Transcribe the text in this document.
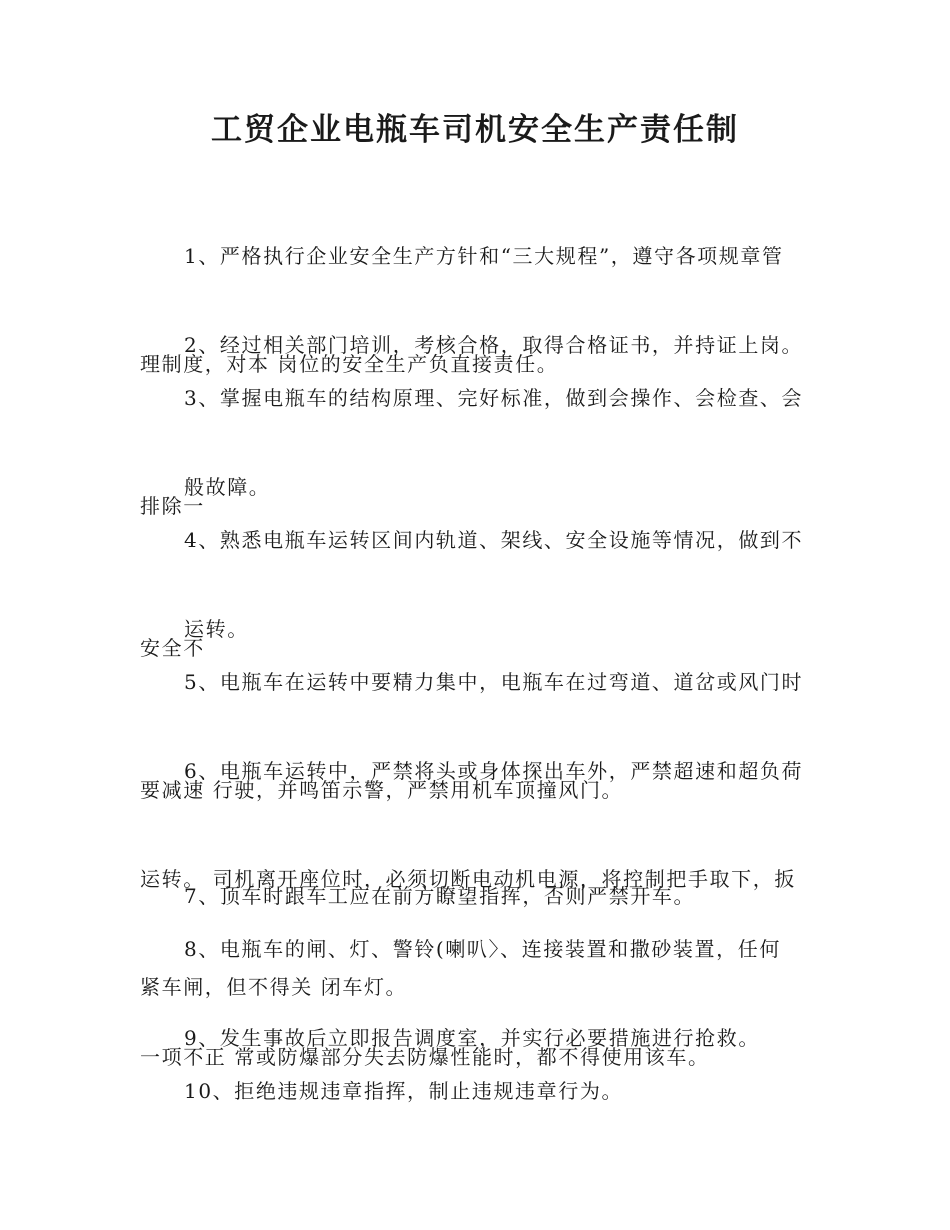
工贸企业电瓶车司机安全生产责任制

1、严格执行企业安全生产方针和“三大规程”，遵守各项规章管

理制度，对本 岗位的安全生产负直接责任。

2、经过相关部门培训，考核合格，取得合格证书，并持证上岗。

3、掌握电瓶车的结构原理、完好标准，做到会操作、会检查、会

排除一

般故障。

4、熟悉电瓶车运转区间内轨道、架线、安全设施等情况，做到不

安全不

运转。

5、电瓶车在运转中要精力集中，电瓶车在过弯道、道岔或风门时

要减速 行驶，并鸣笛示警，严禁用机车顶撞风门。

6、电瓶车运转中，严禁将头或身体探出车外，严禁超速和超负荷

运转。 司机离开座位时，必须切断电动机电源，将控制把手取下，扳

紧车闸，但不得关 闭车灯。

7、顶车时跟车工应在前方瞭望指挥，否则严禁开车。

8、电瓶车的闸、灯、警铃(喇叭〉、连接装置和撒砂装置，任何

一项不正 常或防爆部分失去防爆性能时，都不得使用该车。

9、发生事故后立即报告调度室，并实行必要措施进行抢救。

10、拒绝违规违章指挥，制止违规违章行为。
